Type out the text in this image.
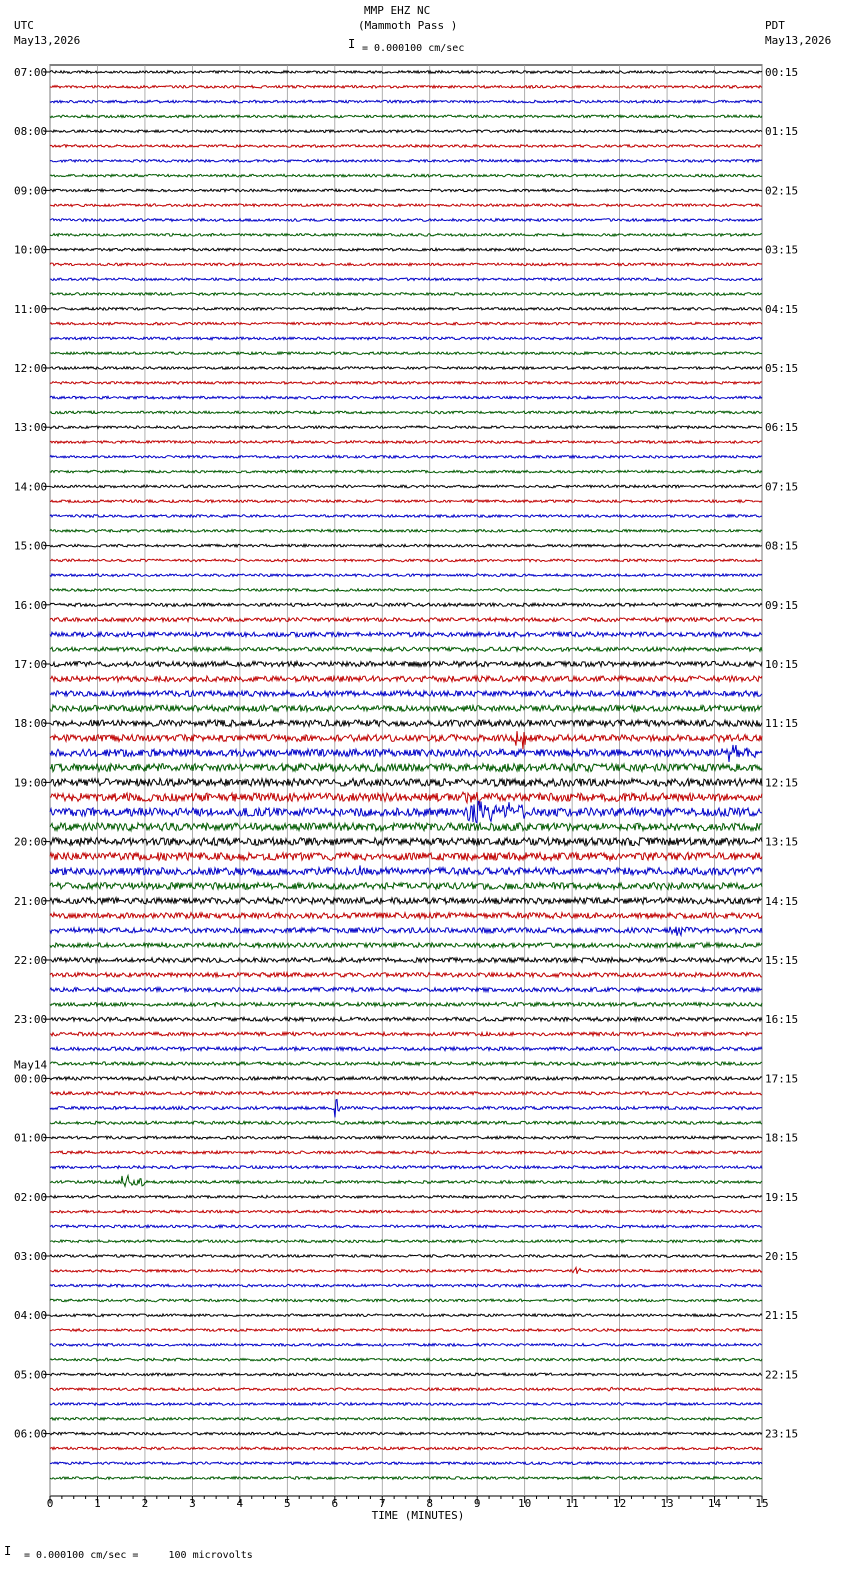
UTC
May13,2026
MMP EHZ NC
(Mammoth Pass )
I = 0.000100 cm/sec
PDT
May13,2026
0	1	2	3	4	5	6	7	8	9	10	11	12	13	14	15
07:00
08:00
09:00
10:00
11:00
12:00
13:00
14:00
15:00
16:00
17:00
18:00
19:00
20:00
21:00
22:00
23:00
00:00
May14
01:00
02:00
03:00
04:00
05:00
06:00
00:15
01:15
02:15
03:15
04:15
05:15
06:15
07:15
08:15
09:15
10:15
11:15
12:15
13:15
14:15
15:15
16:15
17:15
18:15
19:15
20:15
21:15
22:15
23:15
TIME (MINUTES)
I = 0.000100 cm/sec =     100 microvolts
